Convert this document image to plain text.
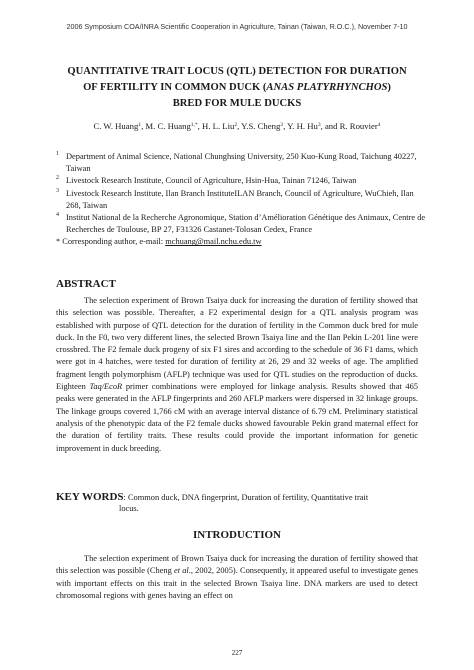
2006 Symposium COA/INRA Scientific Cooperation in Agriculture, Tainan (Taiwan, R.O.C.), November 7-10
QUANTITATIVE TRAIT LOCUS (QTL) DETECTION FOR DURATION
OF FERTILITY IN COMMON DUCK (ANAS PLATYRHYNCHOS)
BRED FOR MULE DUCKS
C. W. Huang$^1$, M. C. Huang$^{1,*}$, H. L. Liu$^2$, Y.S. Cheng$^2$, Y. H. Hu$^3$, and R. Rouvier$^4$
1 Department of Animal Science, National Chunghsing University, 250 Kuo-Kung Road, Taichung 40227, Taiwan
2 Livestock Research Institute, Council of Agriculture, Hsin-Hua, Tainan 71246, Taiwan
3 Livestock Research Institute, Ilan Branch InstituteILAN Branch, Council of Agriculture, WuChieh, Ilan 268, Taiwan
4 Institut National de la Recherche Agronomique, Station d’Amélioration Génétique des Animaux, Centre de Recherches de Toulouse, BP 27, F31326 Castanet-Tolosan Cedex, France
* Corresponding author, e-mail: mchuang@mail.nchu.edu.tw
ABSTRACT
The selection experiment of Brown Tsaiya duck for increasing the duration of fertility showed that this selection was possible. Thereafter, a F2 experimental design for a QTL analysis program was established with purpose of QTL detection for the duration of fertility in the Common duck bred for mule duck. In the F0, two very different lines, the selected Brown Tsaiya line and the Ilan Pekin L-201 line were crossbred. The F2 female duck progeny of six F1 sires and according to the schedule of 36 F1 dams, which were got in 4 hatches, were tested for duration of fertility at 26, 29 and 32 weeks of age. The amplified fragment length polymorphism (AFLP) technique was used for QTL studies on the reproduction of ducks. Eighteen Taq/EcoR primer combinations were employed for linkage analysis. Results showed that 465 peaks were generated in the AFLP fingerprints and 260 AFLP markers were dispersed in 32 linkage groups. The linkage groups covered 1,766 cM with an average interval distance of 6.79 cM. Preliminary statistical analysis of the phenotypic data of the F2 female ducks showed favourable Pekin grand maternal effect for the duration of fertility traits. These results could provide the important information for genetic improvement in duck breeding.
KEY WORDS: Common duck, DNA fingerprint, Duration of fertility, Quantitative trait
locus.
INTRODUCTION
The selection experiment of Brown Tsaiya duck for increasing the duration of fertility showed that this selection was possible (Cheng et al., 2002, 2005). Consequently, it appeared useful to investigate genes with important effects on this trait in the selected Brown Tsaiya line. DNA markers are used to detect chromosomal regions with genes having an effect on
227
